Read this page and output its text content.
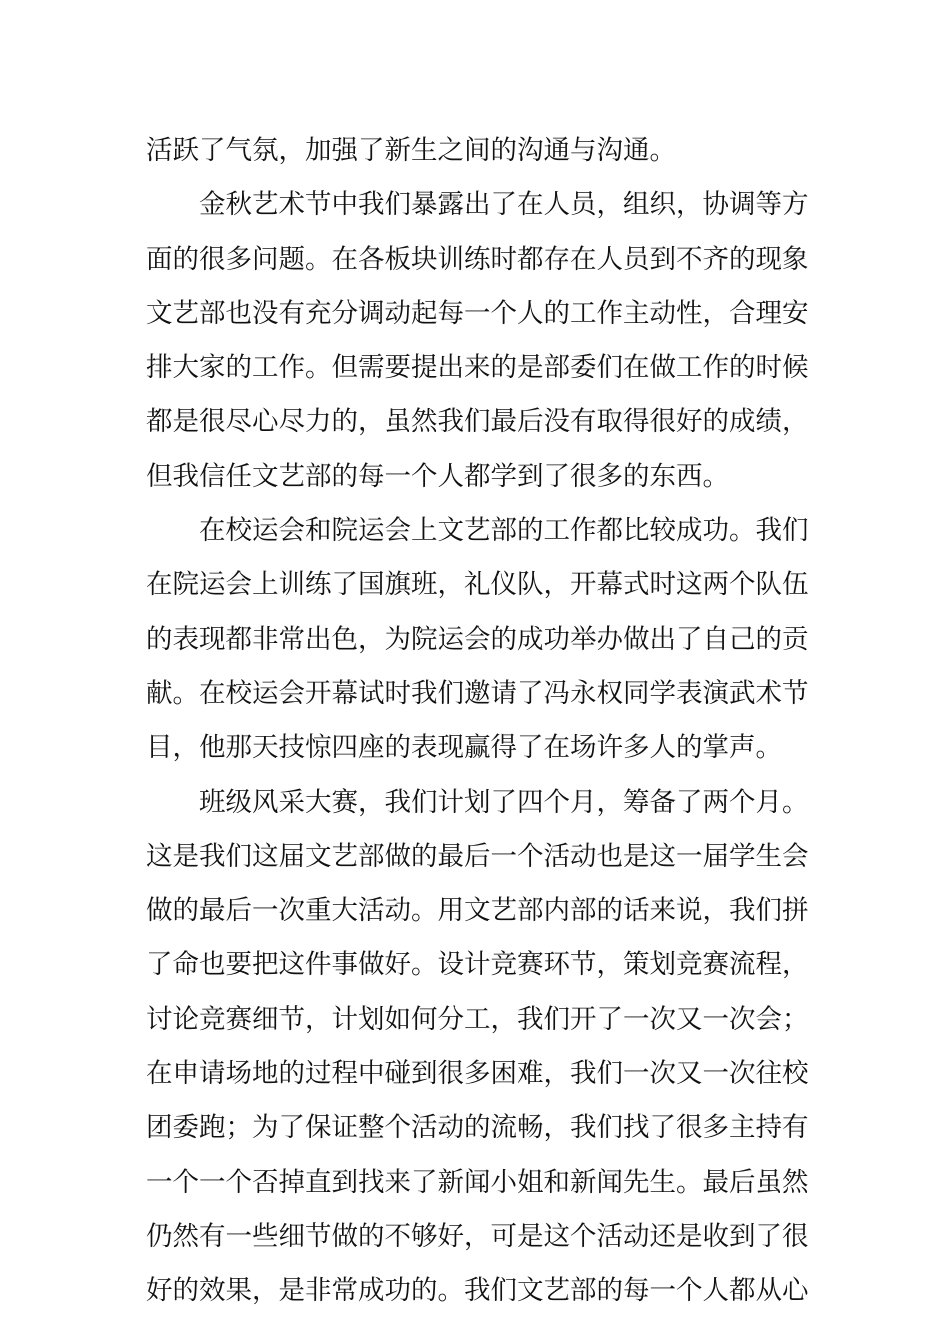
活跃了气氛，加强了新生之间的沟通与沟通。
金秋艺术节中我们暴露出了在人员，组织，协调等方
面的很多问题。在各板块训练时都存在人员到不齐的现象
文艺部也没有充分调动起每一个人的工作主动性，合理安
排大家的工作。但需要提出来的是部委们在做工作的时候
都是很尽心尽力的，虽然我们最后没有取得很好的成绩，
但我信任文艺部的每一个人都学到了很多的东西。
在校运会和院运会上文艺部的工作都比较成功。我们
在院运会上训练了国旗班，礼仪队，开幕式时这两个队伍
的表现都非常出色，为院运会的成功举办做出了自己的贡
献。在校运会开幕试时我们邀请了冯永权同学表演武术节
目，他那天技惊四座的表现赢得了在场许多人的掌声。
班级风采大赛，我们计划了四个月，筹备了两个月。
这是我们这届文艺部做的最后一个活动也是这一届学生会
做的最后一次重大活动。用文艺部内部的话来说，我们拼
了命也要把这件事做好。设计竞赛环节，策划竞赛流程，
讨论竞赛细节，计划如何分工，我们开了一次又一次会；
在申请场地的过程中碰到很多困难，我们一次又一次往校
团委跑；为了保证整个活动的流畅，我们找了很多主持有
一个一个否掉直到找来了新闻小姐和新闻先生。最后虽然
仍然有一些细节做的不够好，可是这个活动还是收到了很
好的效果，是非常成功的。我们文艺部的每一个人都从心
